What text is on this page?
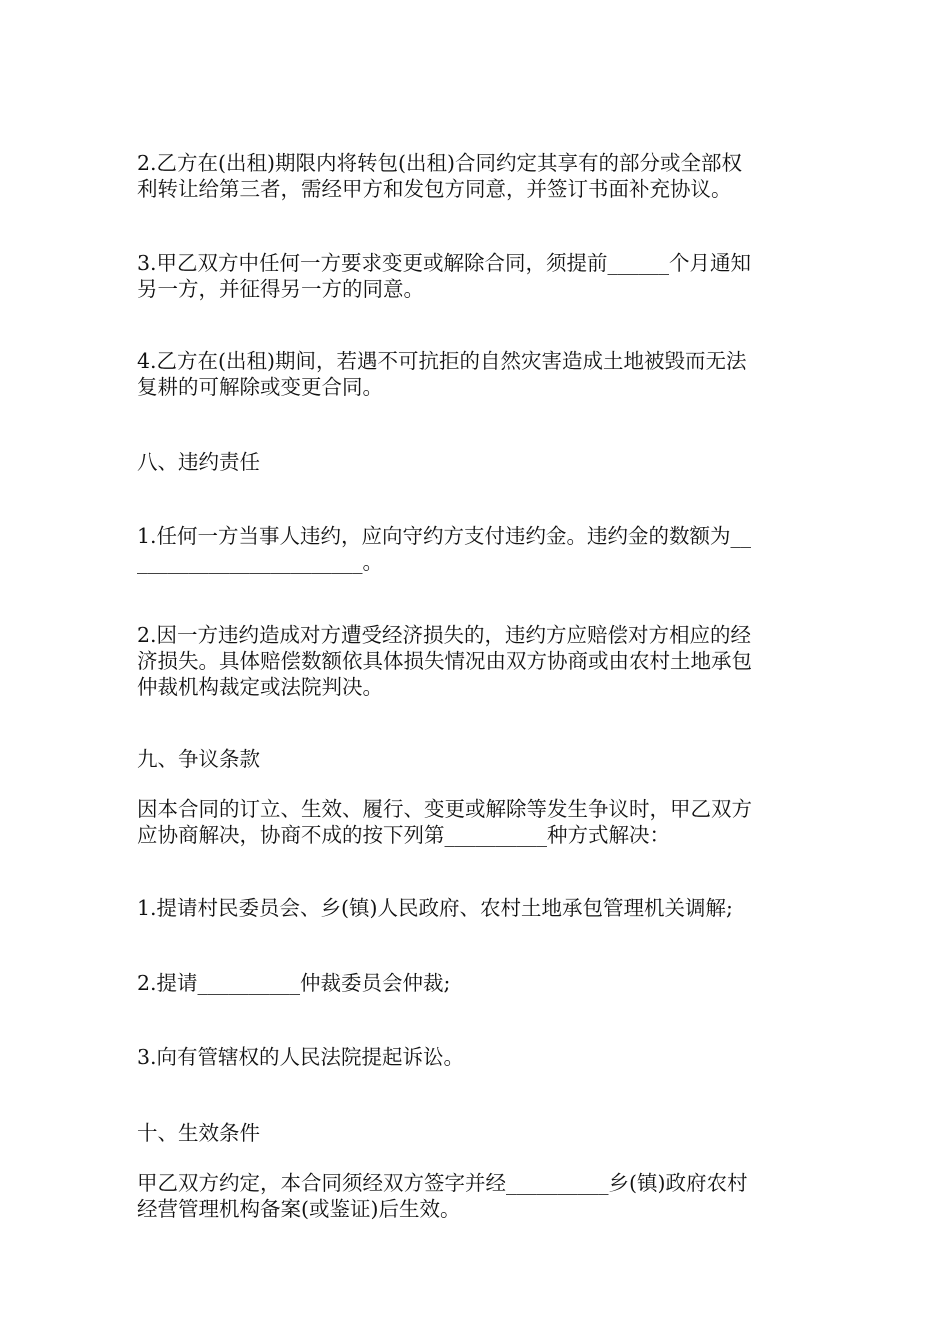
2.乙方在(出租)期限内将转包(出租)合同约定其享有的部分或全部权
利转让给第三者，需经甲方和发包方同意，并签订书面补充协议。
3.甲乙双方中任何一方要求变更或解除合同，须提前______个月通知
另一方，并征得另一方的同意。
4.乙方在(出租)期间，若遇不可抗拒的自然灾害造成土地被毁而无法
复耕的可解除或变更合同。
八、违约责任
1.任何一方当事人违约，应向守约方支付违约金。违约金的数额为__
______________________。
2.因一方违约造成对方遭受经济损失的，违约方应赔偿对方相应的经
济损失。具体赔偿数额依具体损失情况由双方协商或由农村土地承包
仲裁机构裁定或法院判决。
九、争议条款
因本合同的订立、生效、履行、变更或解除等发生争议时，甲乙双方
应协商解决，协商不成的按下列第__________种方式解决：
1.提请村民委员会、乡(镇)人民政府、农村土地承包管理机关调解;
2.提请__________仲裁委员会仲裁;
3.向有管辖权的人民法院提起诉讼。
十、生效条件
甲乙双方约定，本合同须经双方签字并经__________乡(镇)政府农村
经营管理机构备案(或鉴证)后生效。
